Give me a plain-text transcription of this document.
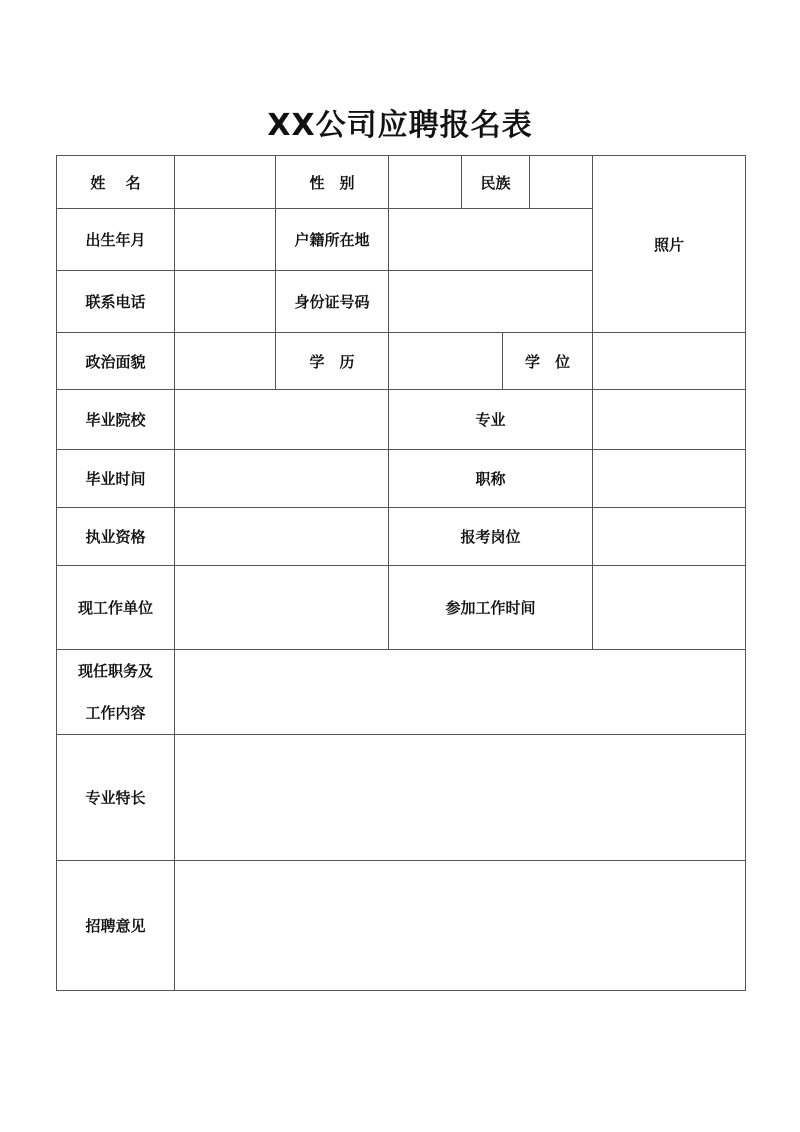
XX公司应聘报名表
姓　 名		性　别		民族			照片
出生年月		户籍所在地					
联系电话		身份证号码					
政治面貌		学　历			学　位		
毕业院校			专业				
毕业时间			职称				
执业资格			报考岗位				
现工作单位			参加工作时间				

现任职务及
工作内容							

专业特长							
招聘意见							
